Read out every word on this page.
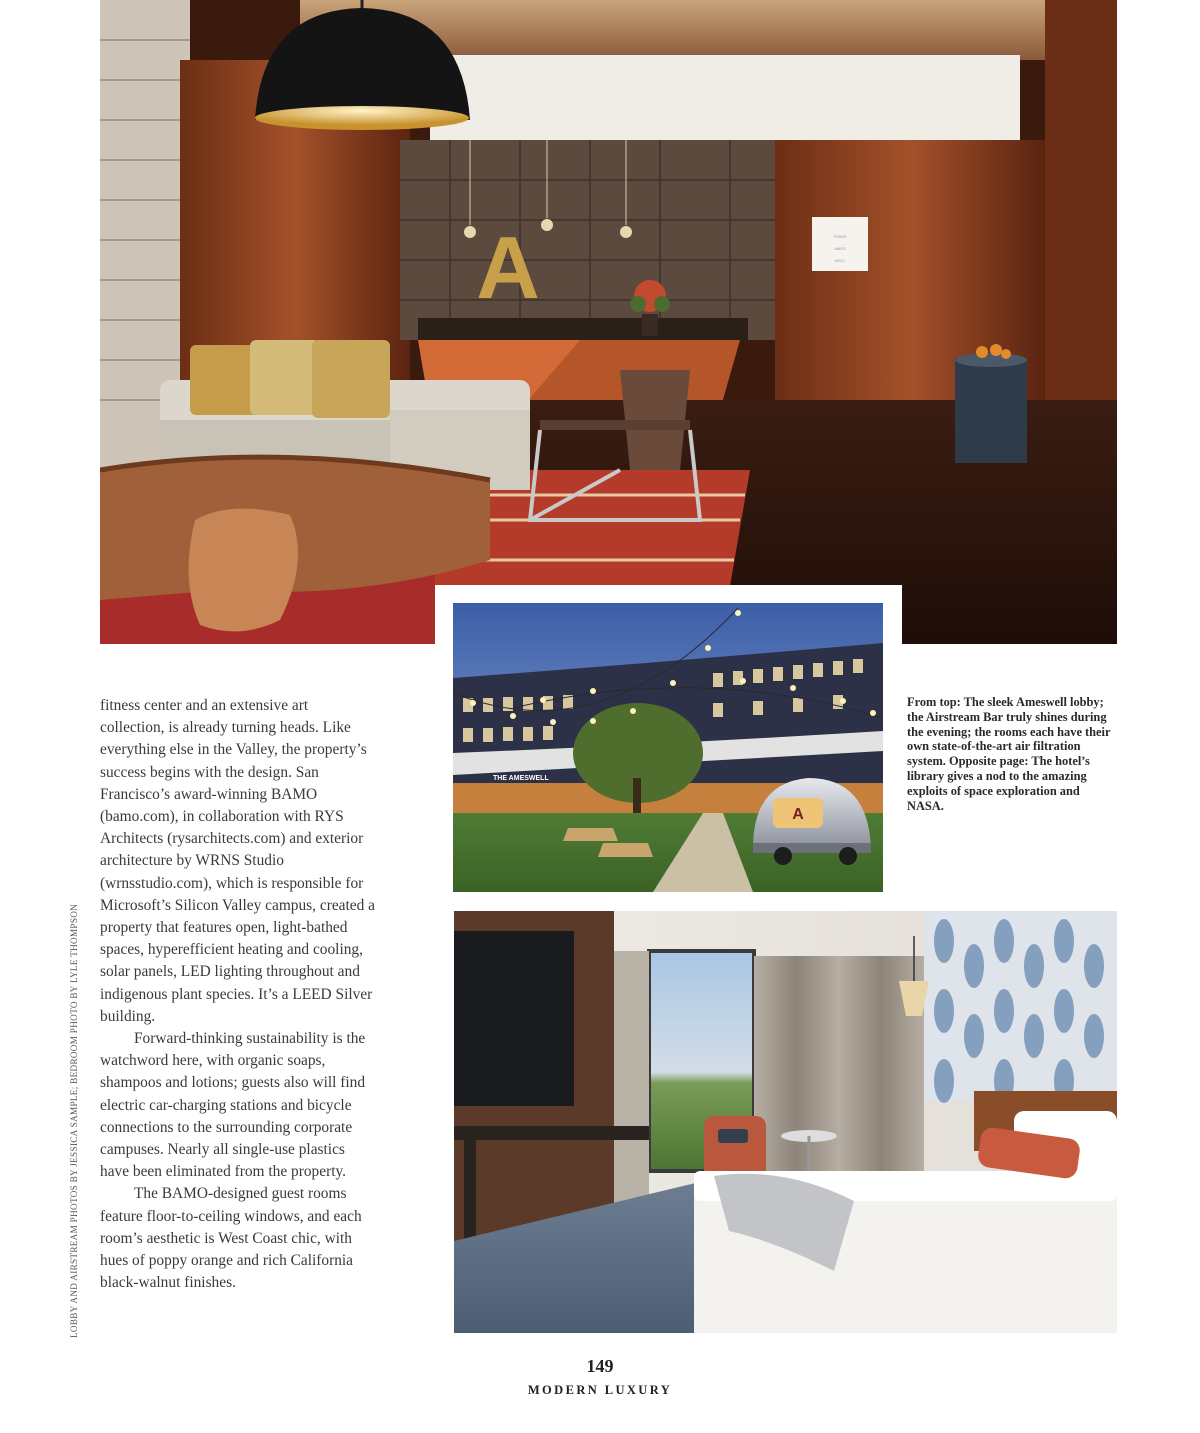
THREE
AMES
WELL
A
THE AMESWELL
A
From top: The sleek Ameswell lobby; the Airstream Bar truly shines during the evening; the rooms each have their own state-of-the-art air filtration system. Opposite page: The hotel’s library gives a nod to the amazing exploits of space exploration and NASA.

fitness center and an extensive art collection, is already turning heads. Like everything else in the Valley, the property’s success begins with the design. San Francisco’s award-winning BAMO (bamo.com), in collaboration with RYS Architects (rysarchitects.com) and exterior architecture by WRNS Studio (wrnsstudio.com), which is responsible for Microsoft’s Silicon Valley campus, created a property that features open, light-bathed spaces, hyperefficient heating and cooling, solar panels, LED lighting throughout and indigenous plant species. It’s a LEED Silver building.

Forward-thinking sustainability is the watchword here, with organic soaps, shampoos and lotions; guests also will find electric car-charging stations and bicycle connections to the surrounding corporate campuses. Nearly all single-use plastics have been eliminated from the property.

The BAMO-designed guest rooms feature floor-to-ceiling windows, and each room’s aesthetic is West Coast chic, with hues of poppy orange and rich California black-walnut finishes.

LOBBY AND AIRSTREAM PHOTOS BY JESSICA SAMPLE; BEDROOM PHOTO BY LYLE THOMPSON
149
MODERN LUXURY
